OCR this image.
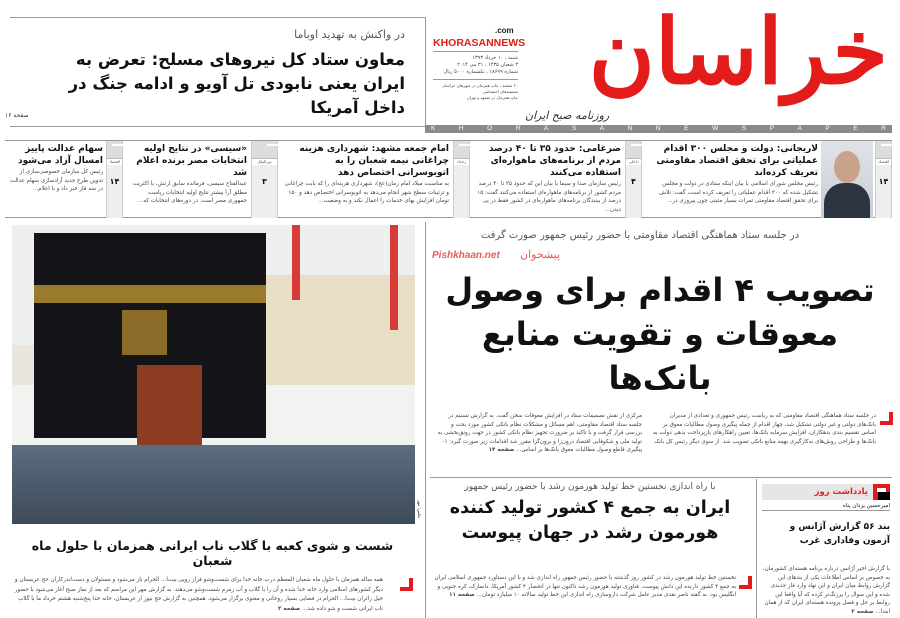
در واکنش به تهدید اوباما
معاون ستاد کل نیروهای مسلح: تعرض به ایران یعنی نابودی تل آویو و ادامه جنگ در داخل آمریکا
صفحه ۱۶
خراسان
روزنامه صبح ایران
KHORASANNEWS
.com
شنبه ، ۱۰ خرداد ۱۳۹۳
۳ شعبان ۱۴۳۵ ، ۳۱ می ۲۰۱۴
شماره ۱۸۶۹۹ ، تکشماره ۵۰۰۰ ریال
۲۰ صفحه ، چاپ همزمان در شهرهای خراسان
ضمیمه‌های اختصاصی
چاپ همزمان در مشهد و تهران
K	H	O	R	A	S	A	N	N	E	W	S	P	A	P	E	R
اقتصاد
۱۴
لاریجانی: دولت و مجلس ۳۰۰ اقدام عملیاتی برای تحقق اقتصاد مقاومتی تعریف کرده‌اند
رئیس مجلس شورای اسلامی با بیان اینکه ستادی در دولت و مجلس تشکیل شده که ۳۰۰ اقدام عملیاتی را تعریف کرده است، گفت: تلاش برای تحقق اقتصاد مقاومتی ثمرات بسیار مثبتی چون پیروزی در...
داخلی
۴
ضرغامی: حدود ۳۵ تا ۴۰ درصد مردم از برنامه‌های ماهواره‌ای استفاده می‌کنند
رئیس سازمان صدا و سیما با بیان این که حدود ۳۵ تا ۴۰ درصد مردم کشور از برنامه‌های ماهواره‌ای استفاده می‌کنند گفت: ۱۵ درصد از بینندگان برنامه‌های ماهواره‌ای در کشور فقط در پی دیدن...
رخداد
امام جمعه مشهد: شهرداری هزینه چراغانی نیمه شعبان را به اتوبوسرانی اختصاص دهد
به مناسبت میلاد امام زمان(عج)، شهرداری هزینه‌ای را که بابت چراغانی و تزئینات سطح شهر انجام می‌دهد به اتوبوسرانی اختصاص دهد و ۱۵۰ تومان افزایش بهای خدمات را اعمال نکند و به وضعیت...
بین‌الملل
۳
«سیسی» در نتایج اولیه انتخابات مصر برنده اعلام شد
عبدالفتاح سیسی، فرمانده سابق ارتش، با اکثریت مطلق آرا بیشتر نتایج اولیه انتخابات ریاست جمهوری مصر است. در دوره‌های انتخابات که...
اقتصاد
۱۴
سهام عدالت پاییز امسال آزاد می‌شود
رئیس کل سازمان خصوصی‌سازی از تدوین طرح جدید آزادسازی سهام عدالت در سه فاز خبر داد و با اعلام...
عکس: مهر
شست و شوی کعبه با گلاب ناب ایرانی همزمان با حلول ماه شعبان
همه ساله همزمان با حلول ماه شعبان المعظم درب خانه خدا برای شست‌وشو فراز رویی بیت‌ا... الحرام باز می‌شود و مسئولان و دست‌اندرکاران حج عربستان و دیگر کشورهای اسلامی وارد خانه خدا شده و آن را با گلاب و آب زمزم شست‌وشو می‌دهند. به گزارش مهر این مراسم که بعد از نماز صبح آغاز می‌شود با حضور خیل زائران بیت‌ا... الحرام در فضایی بسیار روحانی و معنوی برگزار می‌شود. همچنین به گزارش حج نیوز از عربستان، خانه خدا پنج‌شنبه هشتم خرداد ما با گلاب ناب ایرانی شست و شو داده شد... صفحه ۲
در جلسه ستاد هماهنگی اقتصاد مقاومتی با حضور رئیس جمهور صورت گرفت
Pishkhaan.net پیشخوان
تصویب ۴ اقدام برای وصول معوقات و تقویت منابع بانک‌ها
در جلسه ستاد هماهنگی اقتصاد مقاومتی که به ریاست رئیس جمهوری و تعدادی از مدیران بانک‌های دولتی و غیر دولتی تشکیل شد، چهار اقدام از جمله پیگیری وصول مطالبات معوق بر اساس تقسیم بندی بدهکاران، افزایش سرمایه بانک‌ها، تعیین راهکارهای بازپرداخت بدهی دولت به بانک‌ها و طراحی روش‌های به‌کارگیری بهینه منابع بانکی تصویب شد. از سوی دیگر رئیس کل بانک
مرکزی از نقش تصمیمات ستاد در افزایش معوقات سخن گفت. به گزارش تسنیم در جلسه ستاد اقتصاد مقاومتی، اهم مسائل و مشکلات نظام بانکی کشور مورد بحث و بررسی قرار گرفت و با تاکید بر ضرورت تجهیز نظام بانکی کشور در جهت رونق‌بخشی به تولید ملی و شکوفایی اقتصاد درون‌زا و برون‌گرا مقرر شد اقدامات زیر صورت گیرد: ۱- پیگیری قاطع وصول مطالبات معوق بانک‌ها بر اساس... صفحه ۱۴
با راه اندازی نخستین خط تولید هورمون رشد با حضور رئیس جمهور
ایران به جمع ۴ کشور تولید کننده هورمون رشد در جهان پیوست
نخستین خط تولید هورمون رشد در کشور روز گذشته با حضور رئیس جمهور راه اندازی شد و با این دستاورد جمهوری اسلامی ایران به جمع ۴ کشور دارنده این دانش پیوست. فناوری تولید هورمون رشد تاکنون تنها در انحصار ۴ کشور آمریکا، دانمارک، کره جنوبی و انگلیس بود. به گفته ناصر نقدی مدیر عامل شرکت داروسازی راه اندازی این خط تولید سالانه ۱۰ میلیارد تومان... صفحه ۱۱
یادداشت روز
امیرحسین یزدان پناه
بند ۵۶ گزارش آژانس و آزمون وفاداری غرب
با گزارش اخیر آژانس درباره برنامه هسته‌ای کشورمان، به خصوص بر اساس اطلاعات یکی از بندهای این گزارش روابط میان ایران و این نهاد وارد فاز جدیدی شده و این سوال را پررنگ‌تر کرده که آیا واقعا این روابط بر حل و فصل پرونده هسته‌ای ایران که از همان ابتدا... صفحه ۲
